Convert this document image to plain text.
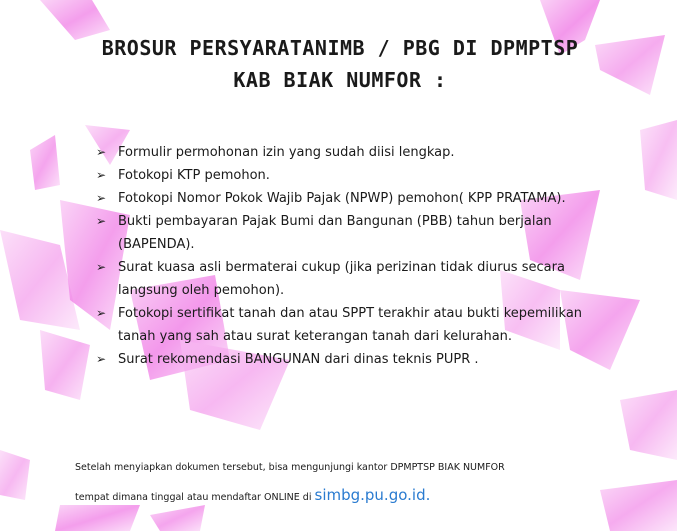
BROSUR PERSYARATANIMB / PBG DI DPMPTSP
KAB BIAK NUMFOR :
➢ Formulir permohonan izin yang sudah diisi lengkap.
➢ Fotokopi KTP pemohon.
➢ Fotokopi Nomor Pokok Wajib Pajak (NPWP) pemohon( KPP PRATAMA).
➢ Bukti pembayaran Pajak Bumi dan Bangunan (PBB) tahun berjalan (BAPENDA).
➢ Surat kuasa asli bermaterai cukup (jika perizinan tidak diurus secara langsung oleh pemohon).
➢ Fotokopi sertifikat tanah dan atau SPPT terakhir atau bukti kepemilikan tanah yang sah atau surat keterangan tanah dari kelurahan.
➢ Surat rekomendasi BANGUNAN dari dinas teknis PUPR .
Setelah menyiapkan dokumen tersebut, bisa mengunjungi kantor DPMPTSP BIAK NUMFOR
tempat dimana tinggal atau mendaftar ONLINE di simbg.pu.go.id.
